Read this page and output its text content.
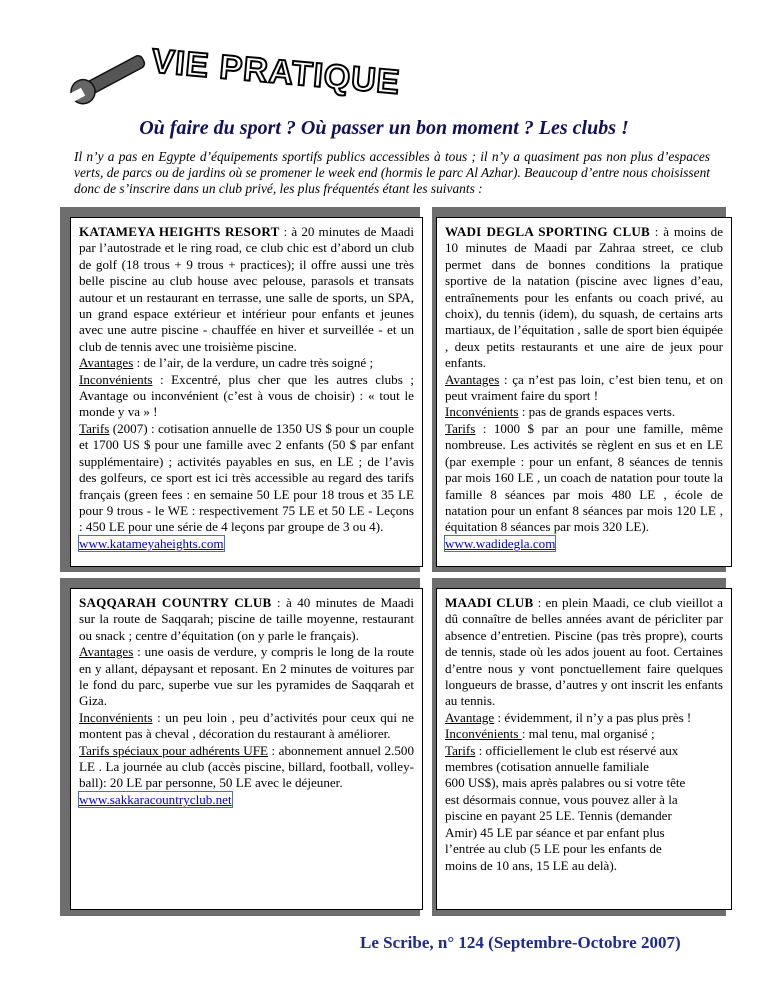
VIE PRATIQUE
Où faire du sport ? Où passer un bon moment ? Les clubs !
Il n’y a pas en Egypte d’équipements sportifs publics accessibles à tous ; il n’y a quasiment pas non plus d’espaces verts, de parcs ou de jardins où se promener le week end (hormis le parc Al Azhar). Beaucoup d’entre nous choisissent donc de s’inscrire dans un club privé, les plus fréquentés étant les suivants :

KATAMEYA HEIGHTS RESORT : à 20 minutes de Maadi par l’autostrade et le ring road, ce club chic est d’abord un club de golf (18 trous + 9 trous + practices); il offre aussi une très belle piscine au club house avec pelouse, parasols et transats autour et un restaurant en terrasse, une salle de sports, un SPA, un grand espace extérieur et intérieur pour enfants et jeunes avec une autre piscine - chauffée en hiver et surveillée - et un club de tennis avec une troisième piscine.

Avantages : de l’air, de la verdure, un cadre très soigné ;

Inconvénients : Excentré, plus cher que les autres clubs ; Avantage ou inconvénient (c’est à vous de choisir) : « tout le monde y va » !

Tarifs (2007) : cotisation annuelle de 1350 US $ pour un couple et 1700 US $ pour une famille avec 2 enfants (50 $ par enfant supplémentaire) ; activités payables en sus, en LE ; de l’avis des golfeurs, ce sport est ici très accessible au regard des tarifs français (green fees : en semaine 50 LE pour 18 trous et 35 LE pour 9 trous - le WE : respectivement 75 LE et 50 LE - Leçons : 450 LE pour une série de 4 leçons par groupe de 3 ou 4).

www.katameyaheights.com

WADI DEGLA SPORTING CLUB : à moins de 10 minutes de Maadi par Zahraa street, ce club permet dans de bonnes conditions la pratique sportive de la natation (piscine avec lignes d’eau, entraînements pour les enfants ou coach privé, au choix), du tennis (idem), du squash, de certains arts martiaux, de l’équitation , salle de sport bien équipée , deux petits restaurants et une aire de jeux pour enfants.

Avantages : ça n’est pas loin, c’est bien tenu, et on peut vraiment faire du sport !

Inconvénients : pas de grands espaces verts.

Tarifs : 1000 $ par an pour une famille, même nombreuse. Les activités se règlent en sus et en LE (par exemple : pour un enfant, 8 séances de tennis par mois 160 LE , un coach de natation pour toute la famille 8 séances par mois 480 LE , école de natation pour un enfant 8 séances par mois 120 LE , équitation 8 séances par mois 320 LE).

www.wadidegla.com

SAQQARAH COUNTRY CLUB : à 40 minutes de Maadi sur la route de Saqqarah; piscine de taille moyenne, restaurant ou snack ; centre d’équitation (on y parle le français).

Avantages : une oasis de verdure, y compris le long de la route en y allant, dépaysant et reposant. En 2 minutes de voitures par le fond du parc, superbe vue sur les pyramides de Saqqarah et Giza.

Inconvénients : un peu loin , peu d’activités pour ceux qui ne montent pas à cheval , décoration du restaurant à améliorer.

Tarifs spéciaux pour adhérents UFE : abonnement annuel 2.500 LE . La journée au club (accès piscine, billard, football, volley-ball): 20 LE par personne, 50 LE avec le déjeuner.

www.sakkaracountryclub.net

MAADI CLUB : en plein Maadi, ce club vieillot a dû connaître de belles années avant de péricliter par absence d’entretien. Piscine (pas très propre), courts de tennis, stade où les ados jouent au foot. Certaines d’entre nous y vont ponctuellement faire quelques longueurs de brasse, d’autres y ont inscrit les enfants au tennis.

Avantage : évidemment, il n’y a pas plus près !

Inconvénients : mal tenu, mal organisé ;

Tarifs : officiellement le club est réservé aux
membres (cotisation annuelle familiale
600 US$), mais après palabres ou si votre tête
est désormais connue, vous pouvez aller à la
piscine en payant 25 LE. Tennis (demander
Amir) 45 LE par séance et par enfant plus
l’entrée au club (5 LE pour les enfants de
moins de 10 ans, 15 LE au delà).
Le Scribe, n° 124 (Septembre-Octobre 2007)
